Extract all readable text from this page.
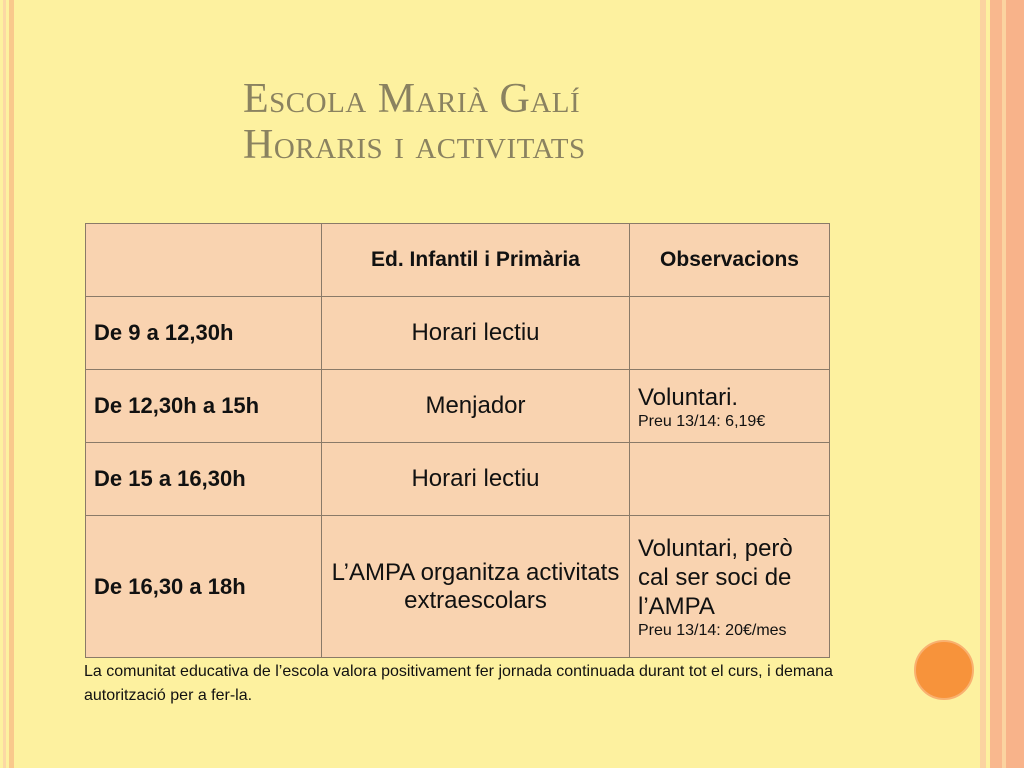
Escola Marià Galí
Horaris i activitats
	Ed. Infantil i Primària	Observacions
De 9 a 12,30h	Horari lectiu	
De 12,30h a 15h	Menjador	Voluntari.
Preu 13/14: 6,19€

De 15 a 16,30h	Horari lectiu	
De 16,30 a 18h	L’AMPA organitza activitats extraescolars	Voluntari, però cal ser soci de l’AMPA
Preu 13/14: 20€/mes
La comunitat educativa de l’escola valora positivament fer jornada continuada durant tot el curs, i demana autorització per a fer-la.
